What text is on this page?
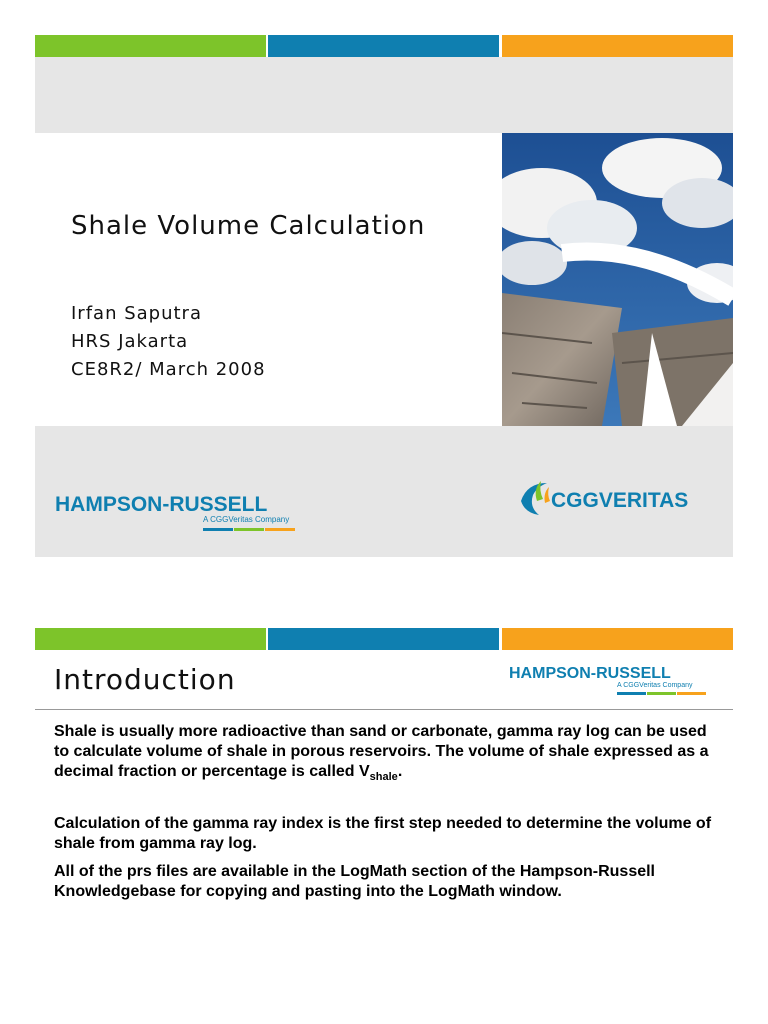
Shale Volume Calculation
Irfan Saputra
HRS Jakarta
CE8R2/ March 2008
HAMPSON-RUSSELL
A CGGVeritas Company
CGGVERITAS
Introduction	HAMPSON-RUSSELL
A CGGVeritas Company
Shale is usually more radioactive than sand or carbonate, gamma ray log can be used to calculate volume of shale in porous reservoirs. The volume of shale expressed as a decimal fraction or percentage is called $V_{shale}$.
Calculation of the gamma ray index is the first step needed to determine the volume of shale from gamma ray log.
All of the prs files are available in the LogMath section of the Hampson-Russell Knowledgebase for copying and pasting into the LogMath window.
